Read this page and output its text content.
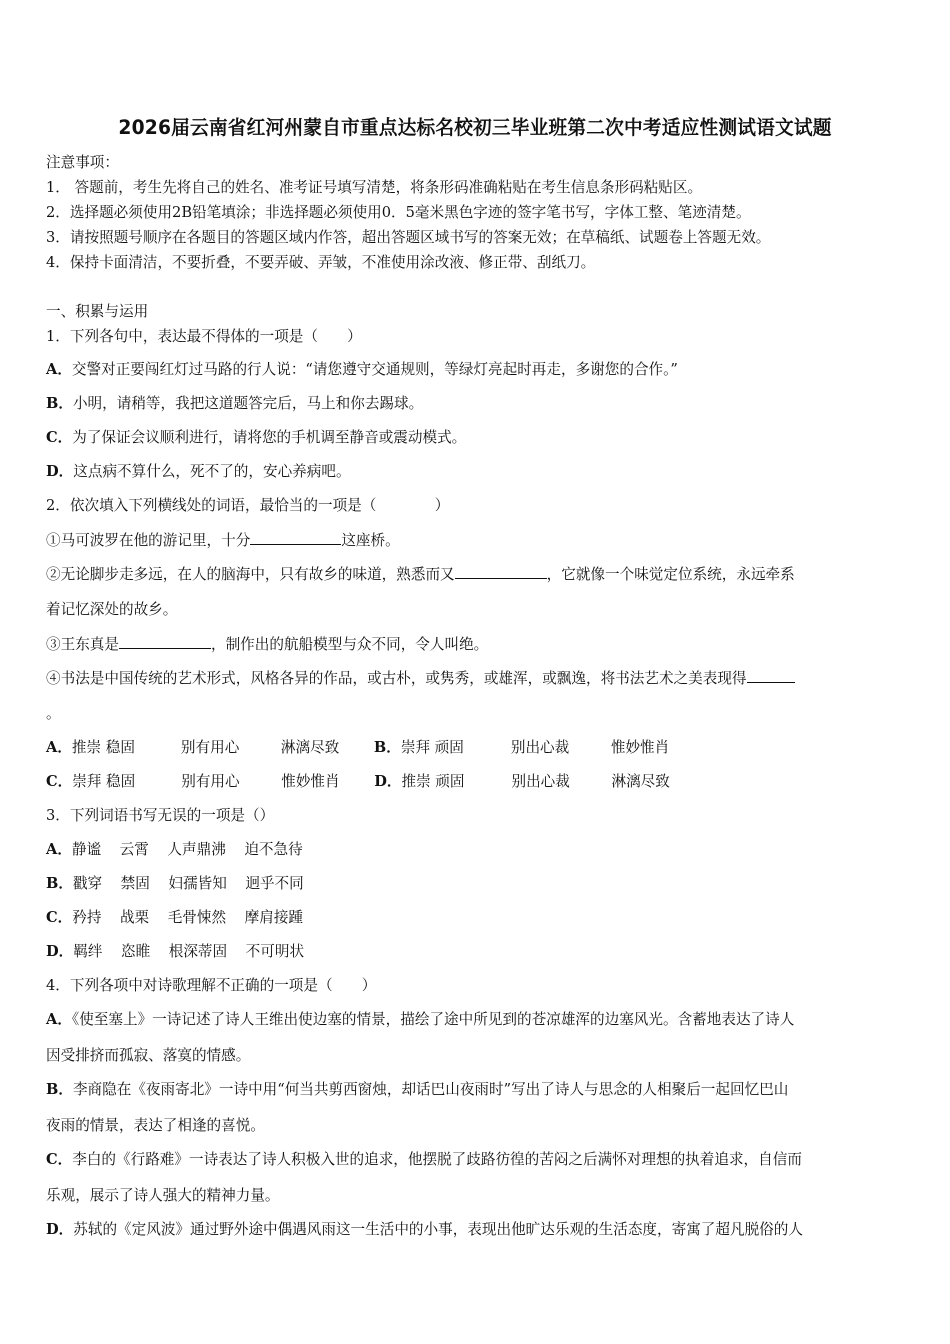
2026届云南省红河州蒙自市重点达标名校初三毕业班第二次中考适应性测试语文试题
注意事项：
1． 答题前，考生先将自己的姓名、准考证号填写清楚，将条形码准确粘贴在考生信息条形码粘贴区。
2．选择题必须使用2B铅笔填涂；非选择题必须使用0．5毫米黑色字迹的签字笔书写，字体工整、笔迹清楚。
3．请按照题号顺序在各题目的答题区域内作答，超出答题区域书写的答案无效；在草稿纸、试题卷上答题无效。
4．保持卡面清洁，不要折叠，不要弄破、弄皱，不准使用涂改液、修正带、刮纸刀。
一、积累与运用
1．下列各句中，表达最不得体的一项是（　　）
A．交警对正要闯红灯过马路的行人说：“请您遵守交通规则，等绿灯亮起时再走，多谢您的合作。”
B．小明，请稍等，我把这道题答完后，马上和你去踢球。
C．为了保证会议顺利进行，请将您的手机调至静音或震动模式。
D．这点病不算什么，死不了的，安心养病吧。
2．依次填入下列横线处的词语，最恰当的一项是（　　　　）
①马可波罗在他的游记里，十分	这座桥。
②无论脚步走多远，在人的脑海中，只有故乡的味道，熟悉而又	，它就像一个味觉定位系统，永远牵系
着记忆深处的故乡。
③王东真是	，制作出的航船模型与众不同，令人叫绝。
④书法是中国传统的艺术形式，风格各异的作品，或古朴，或隽秀，或雄浑，或飘逸，将书法艺术之美表现得
。
A．推崇 稳固	别有用心	淋漓尽致 B．崇拜 顽固	别出心裁	惟妙惟肖
C．崇拜 稳固	别有用心	惟妙惟肖 D．推崇 顽固	别出心裁	淋漓尽致
3．下列词语书写无误的一项是（）
A．静谧    云霄    人声鼎沸    迫不急待
B．戳穿    禁固    妇孺皆知    迥乎不同
C．矜持    战栗    毛骨悚然    摩肩接踵
D．羁绊    恣睢    根深蒂固    不可明状
4．下列各项中对诗歌理解不正确的一项是（　　）
A．《使至塞上》一诗记述了诗人王维出使边塞的情景，描绘了途中所见到的苍凉雄浑的边塞风光。含蓄地表达了诗人
因受排挤而孤寂、落寞的情感。
B．李商隐在《夜雨寄北》一诗中用“何当共剪西窗烛，却话巴山夜雨时”写出了诗人与思念的人相聚后一起回忆巴山
夜雨的情景，表达了相逢的喜悦。
C．李白的《行路难》一诗表达了诗人积极入世的追求，他摆脱了歧路彷徨的苦闷之后满怀对理想的执着追求，自信而
乐观，展示了诗人强大的精神力量。
D．苏轼的《定风波》通过野外途中偶遇风雨这一生活中的小事，表现出他旷达乐观的生活态度，寄寓了超凡脱俗的人
